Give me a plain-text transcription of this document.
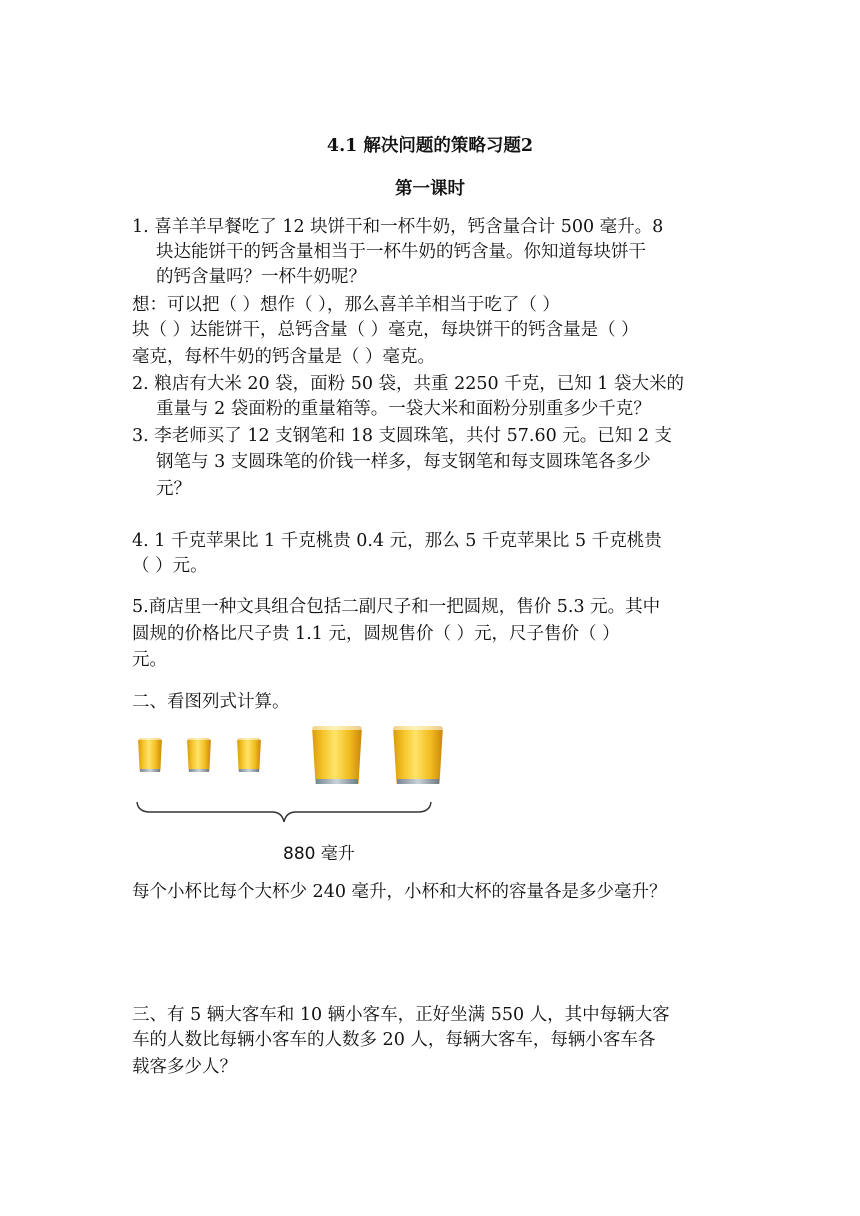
4.1 解决问题的策略习题2
第一课时
1. 喜羊羊早餐吃了 12 块饼干和一杯牛奶，钙含量合计 500 毫升。8
块达能饼干的钙含量相当于一杯牛奶的钙含量。你知道每块饼干
的钙含量吗？一杯牛奶呢？
想：可以把（ ）想作（ ），那么喜羊羊相当于吃了（ ）
块（ ）达能饼干，总钙含量（ ）毫克，每块饼干的钙含量是（ ）
毫克，每杯牛奶的钙含量是（ ）毫克。
2. 粮店有大米 20 袋，面粉 50 袋，共重 2250 千克，已知 1 袋大米的
重量与 2 袋面粉的重量箱等。一袋大米和面粉分别重多少千克？
3. 李老师买了 12 支钢笔和 18 支圆珠笔，共付 57.60 元。已知 2 支
钢笔与 3 支圆珠笔的价钱一样多，每支钢笔和每支圆珠笔各多少
元？
4. 1 千克苹果比 1 千克桃贵 0.4 元，那么 5 千克苹果比 5 千克桃贵
（ ）元。
5.商店里一种文具组合包括二副尺子和一把圆规，售价 5.3 元。其中
圆规的价格比尺子贵 1.1 元，圆规售价（ ）元，尺子售价（ ）
元。
二、看图列式计算。
880 毫升
每个小杯比每个大杯少 240 毫升，小杯和大杯的容量各是多少毫升？
三、有 5 辆大客车和 10 辆小客车，正好坐满 550 人，其中每辆大客
车的人数比每辆小客车的人数多 20 人，每辆大客车，每辆小客车各
载客多少人？
